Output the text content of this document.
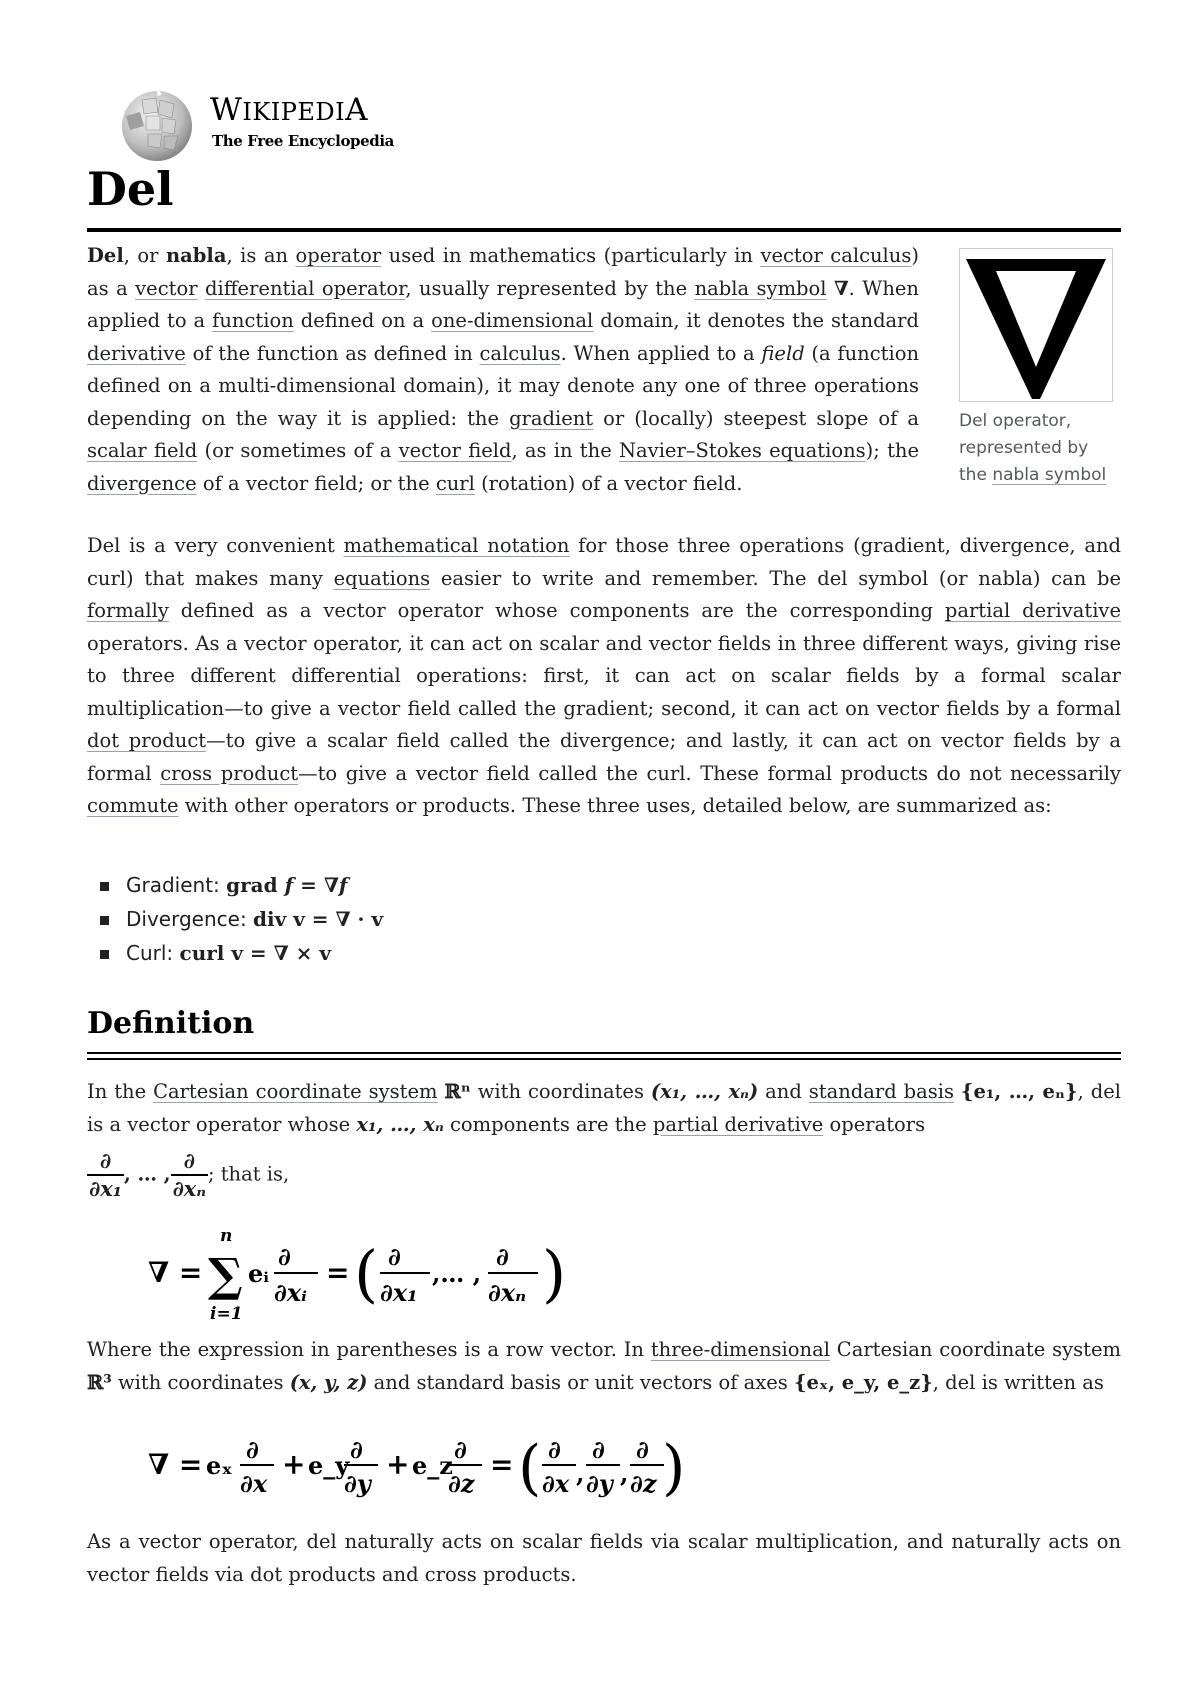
WIKIPEDIA
The Free Encyclopedia
Del
Del operator, represented by the nabla symbol

Del, or nabla, is an operator used in mathematics (particularly in vector calculus) as a vector differential operator, usually represented by the nabla symbol ∇. When applied to a function defined on a one-dimensional domain, it denotes the standard derivative of the function as defined in calculus. When applied to a field (a function defined on a multi-dimensional domain), it may denote any one of three operations depending on the way it is applied: the gradient or (locally) steepest slope of a scalar field (or sometimes of a vector field, as in the Navier–Stokes equations); the divergence of a vector field; or the curl (rotation) of a vector field.

Del is a very convenient mathematical notation for those three operations (gradient, divergence, and curl) that makes many equations easier to write and remember. The del symbol (or nabla) can be formally defined as a vector operator whose components are the corresponding partial derivative operators. As a vector operator, it can act on scalar and vector fields in three different ways, giving rise to three different differential operations: first, it can act on scalar fields by a formal scalar multiplication—to give a vector field called the gradient; second, it can act on vector fields by a formal dot product—to give a scalar field called the divergence; and lastly, it can act on vector fields by a formal cross product—to give a vector field called the curl. These formal products do not necessarily commute with other operators or products. These three uses, detailed below, are summarized as:

Gradient: grad f = ∇f
Divergence: div v = ∇ · v
Curl: curl v = ∇ × v
Definition

In the Cartesian coordinate system ℝⁿ with coordinates (x₁, …, xₙ) and standard basis {e₁, …, eₙ}, del is a vector operator whose x₁, …, xₙ components are the partial derivative operators

$\frac{\partial}{\text{∂x₁}}$ , … , $\frac{\partial}{\text{∂xₙ}}$ ; that is,
∇ = ∑
n
i=1
eᵢ
∂
∂xᵢ
= ( ∂
∂x₁
,… ,
∂
∂xₙ )

Where the expression in parentheses is a row vector. In three-dimensional Cartesian coordinate system ℝ³ with coordinates (x, y, z) and standard basis or unit vectors of axes {eₓ, e_y, e_z}, del is written as

∇ = eₓ
∂
∂x
+ e_y
∂
∂y
+ e_z
∂
∂z
= ( ∂
∂x ,
∂
∂y ,
∂
∂z )

As a vector operator, del naturally acts on scalar fields via scalar multiplication, and naturally acts on vector fields via dot products and cross products.
